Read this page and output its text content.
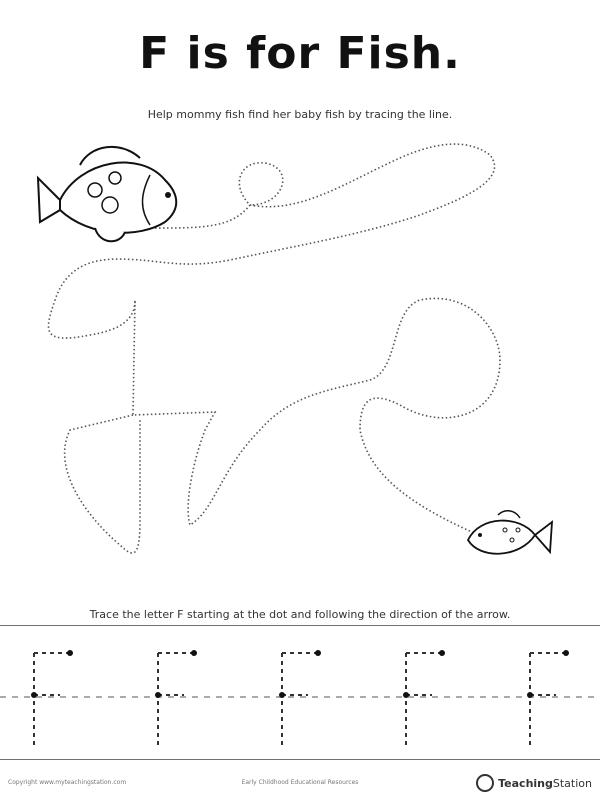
F is for Fish.
Help mommy fish find her baby fish by tracing the line.
Trace the letter F starting at the dot and following the direction of the arrow.
Copyright www.myteachingstation.com	Early Childhood Educational Resources	TeachingStation
